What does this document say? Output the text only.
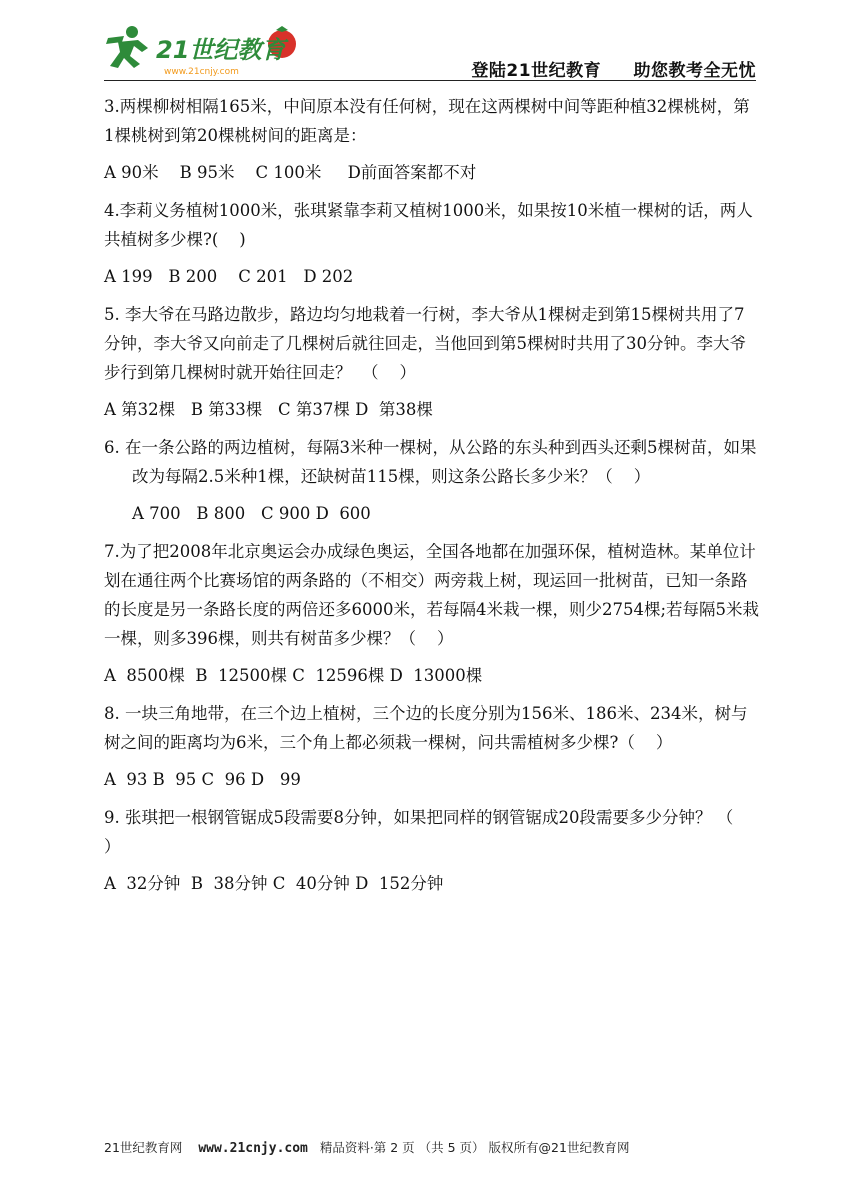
21世纪教育
www.21cnjy.com	登陆21世纪教育 助您教考全无忧

3.两棵柳树相隔165米，中间原本没有任何树，现在这两棵树中间等距种植32棵桃树，第1棵桃树到第20棵桃树间的距离是：

A 90米    B 95米    C 100米     D前面答案都不对

4.李莉义务植树1000米，张琪紧靠李莉又植树1000米，如果按10米植一棵树的话，两人共植树多少棵?(    )

A 199   B 200    C 201   D 202

5. 李大爷在马路边散步，路边均匀地栽着一行树，李大爷从1棵树走到第15棵树共用了7分钟，李大爷又向前走了几棵树后就往回走，当他回到第5棵树时共用了30分钟。李大爷步行到第几棵树时就开始往回走？  （    ）

A 第32棵   B 第33棵   C 第37棵 D  第38棵

6. 在一条公路的两边植树，每隔3米种一棵树，从公路的东头种到西头还剩5棵树苗，如果改为每隔2.5米种1棵，还缺树苗115棵，则这条公路长多少米？（    ）

A 700   B 800   C 900 D  600

7.为了把2008年北京奥运会办成绿色奥运，全国各地都在加强环保，植树造林。某单位计划在通往两个比赛场馆的两条路的（不相交）两旁栽上树，现运回一批树苗，已知一条路的长度是另一条路长度的两倍还多6000米，若每隔4米栽一棵，则少2754棵;若每隔5米栽一棵，则多396棵，则共有树苗多少棵？（    ）

A  8500棵  B  12500棵 C  12596棵 D  13000棵

8. 一块三角地带，在三个边上植树，三个边的长度分别为156米、186米、234米，树与树之间的距离均为6米，三个角上都必须栽一棵树，问共需植树多少棵?（    ）

A  93 B  95 C  96 D   99

9. 张琪把一根钢管锯成5段需要8分钟，如果把同样的钢管锯成20段需要多少分钟？ （    ）

A  32分钟  B  38分钟 C  40分钟 D  152分钟

21世纪教育网 www.21cnjy.com 精品资料·第 2 页 （共 5 页） 版权所有@21世纪教育网
